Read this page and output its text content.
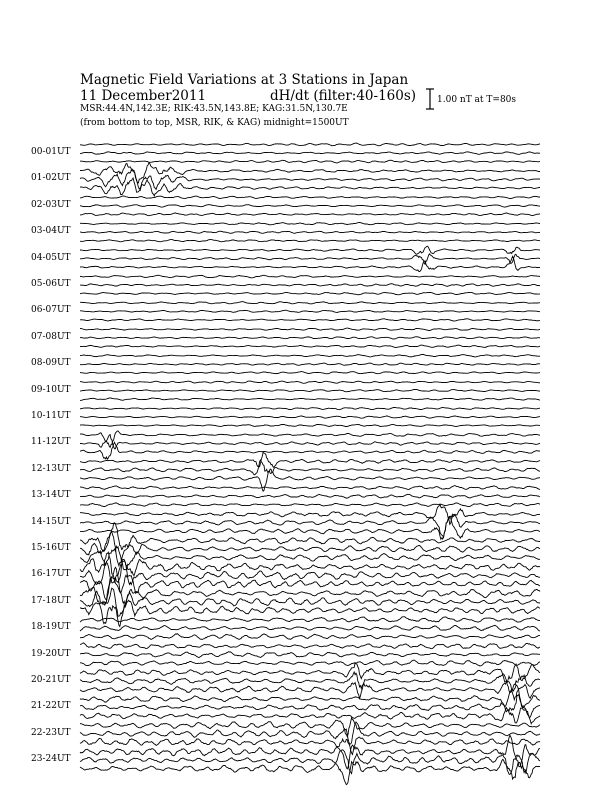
Magnetic Field Variations at 3 Stations in Japan
11 December2011	dH/dt (filter:40-160s)
MSR:44.4N,142.3E; RIK:43.5N,143.8E; KAG:31.5N,130.7E
(from bottom to top, MSR, RIK, & KAG) midnight=1500UT
1.00 nT at T=80s
00-01UT
01-02UT
02-03UT
03-04UT
04-05UT
05-06UT
06-07UT
07-08UT
08-09UT
09-10UT
10-11UT
11-12UT
12-13UT
13-14UT
14-15UT
15-16UT
16-17UT
17-18UT
18-19UT
19-20UT
20-21UT
21-22UT
22-23UT
23-24UT
